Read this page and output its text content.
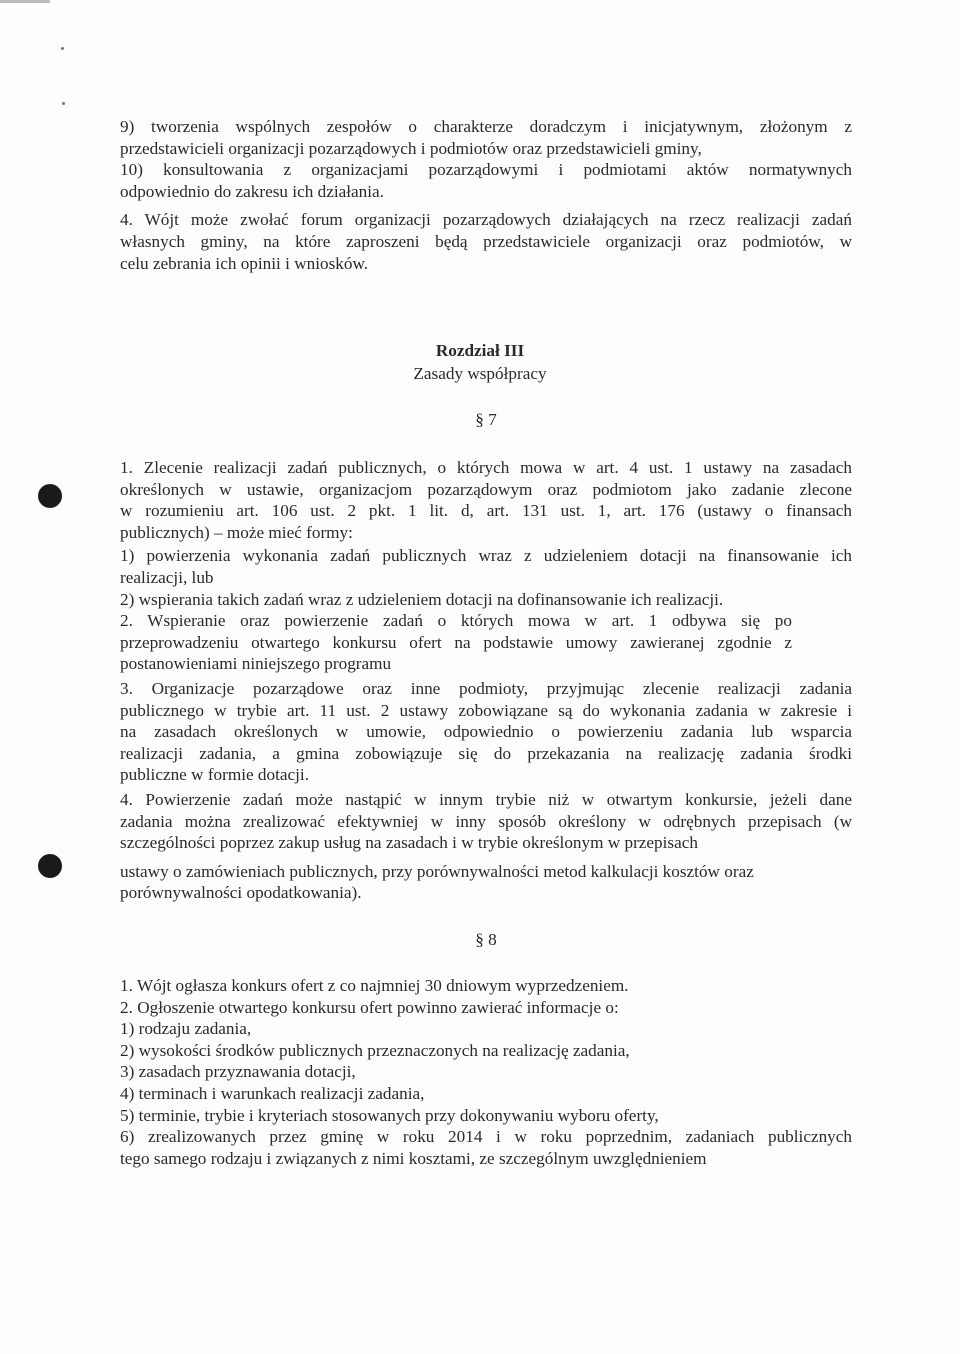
9) tworzenia wspólnych zespołów o charakterze doradczym i inicjatywnym, złożonym z
przedstawicieli organizacji pozarządowych i podmiotów oraz przedstawicieli gminy,
10) konsultowania z organizacjami pozarządowymi i podmiotami aktów normatywnych
odpowiednio do zakresu ich działania.
4. Wójt może zwołać forum organizacji pozarządowych działających na rzecz realizacji zadań
własnych gminy, na które zaproszeni będą przedstawiciele organizacji oraz podmiotów, w
celu zebrania ich opinii i wniosków.
Rozdział III
Zasady współpracy
§ 7
1. Zlecenie realizacji zadań publicznych, o których mowa w art. 4 ust. 1 ustawy na zasadach
określonych w ustawie, organizacjom pozarządowym oraz podmiotom jako zadanie zlecone
w rozumieniu art. 106 ust. 2 pkt. 1 lit. d, art. 131 ust. 1, art. 176 (ustawy o finansach
publicznych) – może mieć formy:
1) powierzenia wykonania zadań publicznych wraz z udzieleniem dotacji na finansowanie ich
realizacji, lub
2) wspierania takich zadań wraz z udzieleniem dotacji na dofinansowanie ich realizacji.
2. Wspieranie oraz powierzenie zadań o których mowa w art. 1 odbywa się po
przeprowadzeniu otwartego konkursu ofert na podstawie umowy zawieranej zgodnie z
postanowieniami niniejszego programu
3. Organizacje pozarządowe oraz inne podmioty, przyjmując zlecenie realizacji zadania
publicznego w trybie art. 11 ust. 2 ustawy zobowiązane są do wykonania zadania w zakresie i
na zasadach określonych w umowie, odpowiednio o powierzeniu zadania lub wsparcia
realizacji zadania, a gmina zobowiązuje się do przekazania na realizację zadania środki
publiczne w formie dotacji.
4. Powierzenie zadań może nastąpić w innym trybie niż w otwartym konkursie, jeżeli dane
zadania można zrealizować efektywniej w inny sposób określony w odrębnych przepisach (w
szczególności poprzez zakup usług na zasadach i w trybie określonym w przepisach
ustawy o zamówieniach publicznych, przy porównywalności metod kalkulacji kosztów oraz
porównywalności opodatkowania).
§ 8
1. Wójt ogłasza konkurs ofert z co najmniej 30 dniowym wyprzedzeniem.
2. Ogłoszenie otwartego konkursu ofert powinno zawierać informacje o:
1) rodzaju zadania,
2) wysokości środków publicznych przeznaczonych na realizację zadania,
3) zasadach przyznawania dotacji,
4) terminach i warunkach realizacji zadania,
5) terminie, trybie i kryteriach stosowanych przy dokonywaniu wyboru oferty,
6) zrealizowanych przez gminę w roku 2014 i w roku poprzednim, zadaniach publicznych
tego samego rodzaju i związanych z nimi kosztami, ze szczególnym uwzględnieniem
